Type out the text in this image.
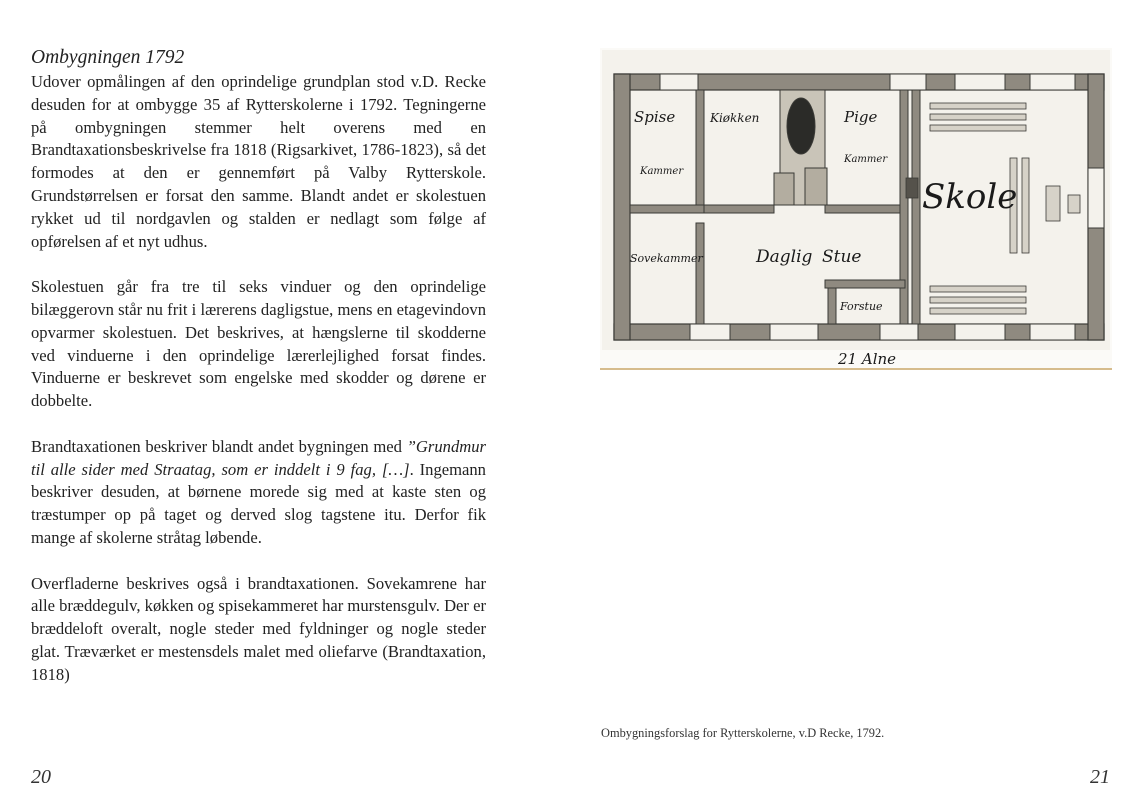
Ombygningen 1792

Udover opmålingen af den oprindelige grundplan stod v.D. Recke desuden for at ombygge 35 af Rytterskolerne i 1792. Tegningerne på ombygningen stemmer helt overens med en Brandtaxationsbeskrivelse fra 1818 (Rigsarkivet, 1786-1823), så det formodes at den er gennemført på Valby Rytterskole. Grundstørrelsen er forsat den samme. Blandt andet er skolestuen rykket ud til nordgavlen og stalden er nedlagt som følge af opførelsen af et nyt udhus.

Skolestuen går fra tre til seks vinduer og den oprindelige bilæggerovn står nu frit i lærerens dagligstue, mens en etagevindovn opvarmer skolestuen. Det beskrives, at hængslerne til skodderne ved vinduerne i den oprindelige lærerlejlighed forsat findes. Vinduerne er beskrevet som engelske med skodder og dørene er dobbelte.

Brandtaxationen beskriver blandt andet bygningen med ”Grundmur til alle sider med Straatag, som er inddelt i 9 fag, […]. Ingemann beskriver desuden, at børnene morede sig med at kaste sten og træstumper op på taget og derved slog tagstene itu. Derfor fik mange af skolerne stråtag løbende.

Overfladerne beskrives også i brandtaxationen. Sovekamrene har alle bræddegulv, køkken og spisekammeret har murstensgulv. Der er bræddeloft overalt, nogle steder med fyldninger og nogle steder glat. Træværket er mestensdels malet med oliefarve (Brandtaxation, 1818)

20
Spise
Kammer
Kiøkken	Pige
Kammer
Skole
Sovekammer	Daglig Stue
Forstue
21 Alne
Ombygningsforslag for Rytterskolerne, v.D Recke, 1792.
21
